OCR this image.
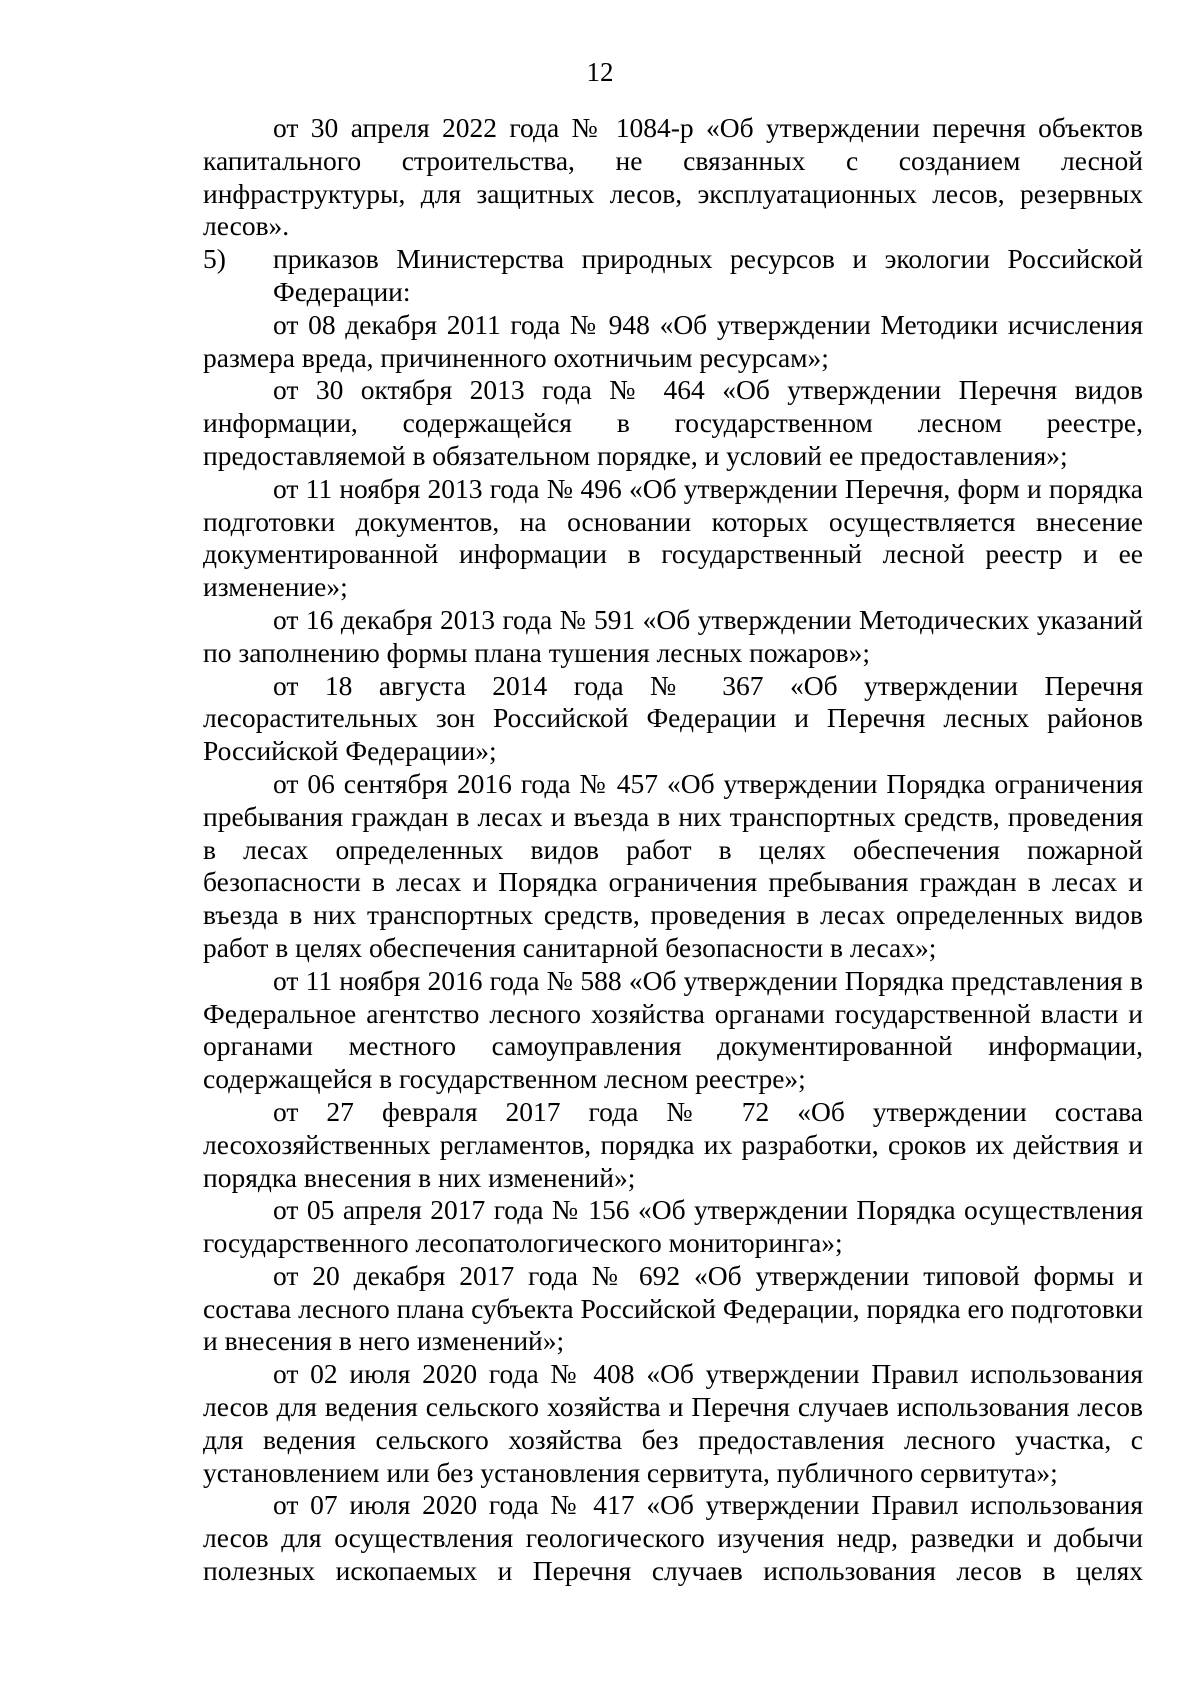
12

от 30 апреля 2022 года № 1084-р «Об утверждении перечня объектов капитального строительства, не связанных с созданием лесной инфраструктуры, для защитных лесов, эксплуатационных лесов, резервных лесов».

5)	приказов Министерства природных ресурсов и экологии Российской Федерации:

от 08 декабря 2011 года № 948 «Об утверждении Методики исчисления размера вреда, причиненного охотничьим ресурсам»;

от 30 октября 2013 года № 464 «Об утверждении Перечня видов информации, содержащейся в государственном лесном реестре, предоставляемой в обязательном порядке, и условий ее предоставления»;

от 11 ноября 2013 года № 496 «Об утверждении Перечня, форм и порядка подготовки документов, на основании которых осуществляется внесение документированной информации в государственный лесной реестр и ее изменение»;

от 16 декабря 2013 года № 591 «Об утверждении Методических указаний по заполнению формы плана тушения лесных пожаров»;

от 18 августа 2014 года № 367 «Об утверждении Перечня лесорастительных зон Российской Федерации и Перечня лесных районов Российской Федерации»;

от 06 сентября 2016 года № 457 «Об утверждении Порядка ограничения пребывания граждан в лесах и въезда в них транспортных средств, проведения в лесах определенных видов работ в целях обеспечения пожарной безопасности в лесах и Порядка ограничения пребывания граждан в лесах и въезда в них транспортных средств, проведения в лесах определенных видов работ в целях обеспечения санитарной безопасности в лесах»;

от 11 ноября 2016 года № 588 «Об утверждении Порядка представления в Федеральное агентство лесного хозяйства органами государственной власти и органами местного самоуправления документированной информации, содержащейся в государственном лесном реестре»;

от 27 февраля 2017 года № 72 «Об утверждении состава лесохозяйственных регламентов, порядка их разработки, сроков их действия и порядка внесения в них изменений»;

от 05 апреля 2017 года № 156 «Об утверждении Порядка осуществления государственного лесопатологического мониторинга»;

от 20 декабря 2017 года № 692 «Об утверждении типовой формы и состава лесного плана субъекта Российской Федерации, порядка его подготовки и внесения в него изменений»;

от 02 июля 2020 года № 408 «Об утверждении Правил использования лесов для ведения сельского хозяйства и Перечня случаев использования лесов для ведения сельского хозяйства без предоставления лесного участка, с установлением или без установления сервитута, публичного сервитута»;

от 07 июля 2020 года № 417 «Об утверждении Правил использования лесов для осуществления геологического изучения недр, разведки и добычи полезных ископаемых и Перечня случаев использования лесов в целях
